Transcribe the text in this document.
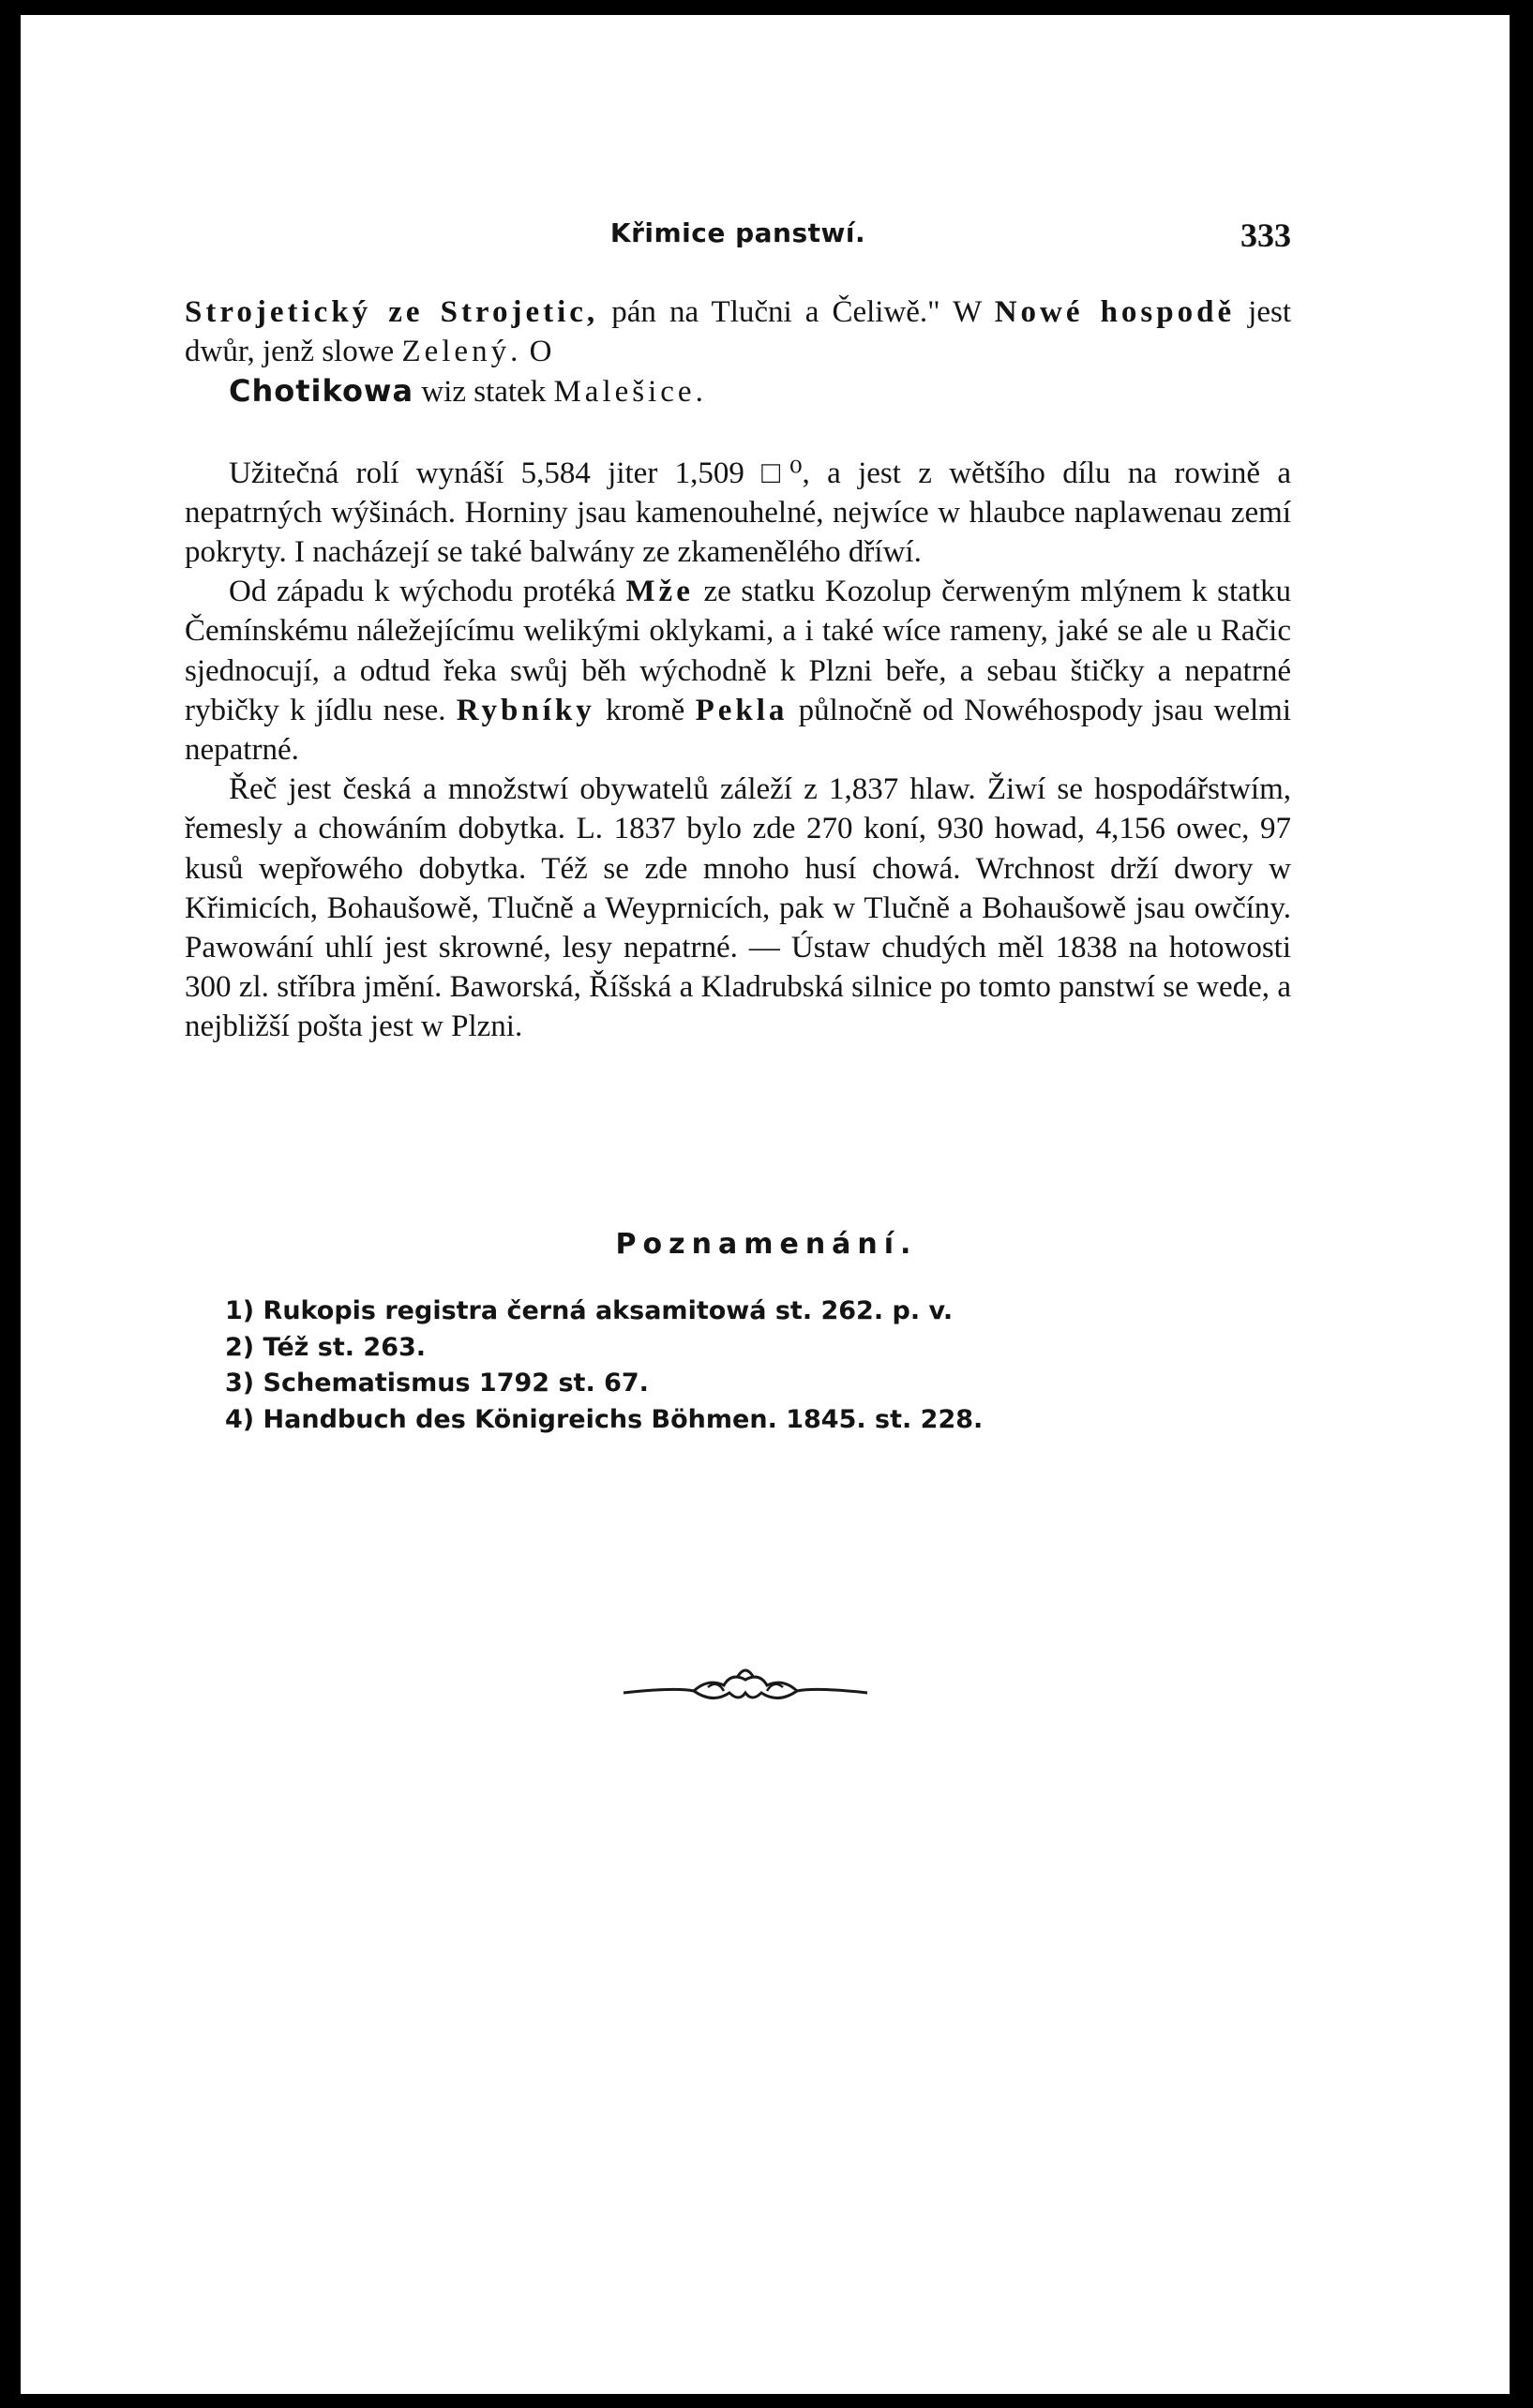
Křimice panstwí.	333

Strojetický ze Strojetic, pán na Tlučni a Čeliwě." W Nowé hospodě jest dwůr, jenž slowe Zelený. O

Chotikowa wiz statek Malešice.

Užitečná rolí wynáší 5,584 jiter 1,509 □⁰, a jest z wětšího dílu na rowině a nepatrných wýšinách. Horniny jsau kamenouhelné, nejwíce w hlaubce naplawenau zemí pokryty. I nacházejí se také balwány ze zkamenělého dříwí.

Od západu k wýchodu protéká Mže ze statku Kozolup čerweným mlýnem k statku Čemínskému náležejícímu welikými oklykami, a i také wíce rameny, jaké se ale u Račic sjednocují, a odtud řeka swůj běh wýchodně k Plzni beře, a sebau štičky a nepatrné rybičky k jídlu nese. Rybníky kromě Pekla půlnočně od Nowéhospody jsau welmi nepatrné.

Řeč jest česká a množstwí obywatelů záleží z 1,837 hlaw. Žiwí se hospodářstwím, řemesly a chowáním dobytka. L. 1837 bylo zde 270 koní, 930 howad, 4,156 owec, 97 kusů wepřowého dobytka. Též se zde mnoho husí chowá. Wrchnost drží dwory w Křimicích, Bohaušowě, Tlučně a Weyprnicích, pak w Tlučně a Bohaušowě jsau owčíny. Pawowání uhlí jest skrowné, lesy nepatrné. — Ústaw chudých měl 1838 na hotowosti 300 zl. stříbra jmění. Baworská, Říšská a Kladrubská silnice po tomto panstwí se wede, a nejbližší pošta jest w Plzni.

Poznamenání.
1) Rukopis registra černá aksamitowá st. 262. p. v.
2) Též st. 263.
3) Schematismus 1792 st. 67.
4) Handbuch des Königreichs Böhmen. 1845. st. 228.
